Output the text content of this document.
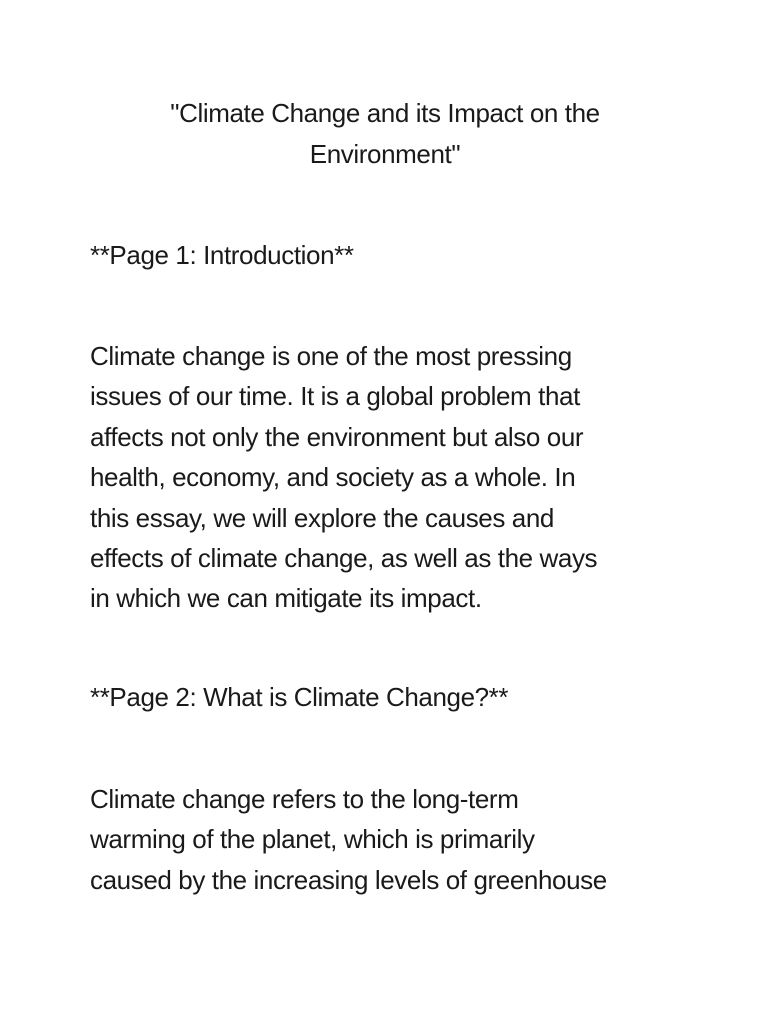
"Climate Change and its Impact on the
Environment"
**Page 1: Introduction**

Climate change is one of the most pressing
issues of our time. It is a global problem that
affects not only the environment but also our
health, economy, and society as a whole. In
this essay, we will explore the causes and
effects of climate change, as well as the ways
in which we can mitigate its impact.

**Page 2: What is Climate Change?**

Climate change refers to the long-term
warming of the planet, which is primarily
caused by the increasing levels of greenhouse
